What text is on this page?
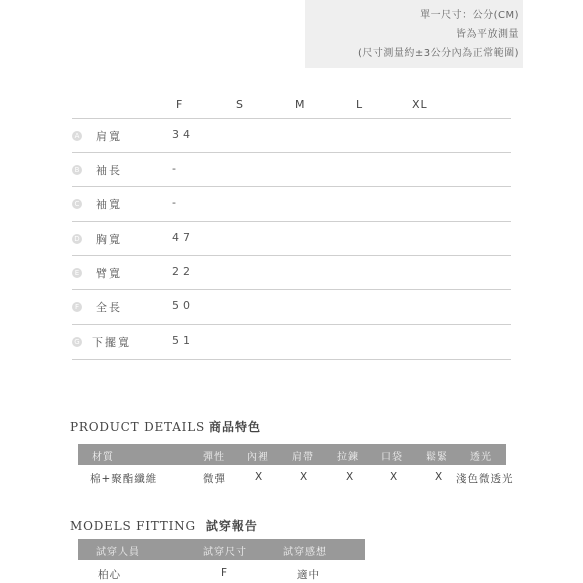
單一尺寸：公分(CM)
皆為平放測量
(尺寸測量約±3公分內為正常範圍)
F	S	M	L	XL
A 肩寬	34
B 袖長	-
C 袖寬	-
D 胸寬	47
E 臂寬	22
F 全長	50
G 下擺寬	51
PRODUCT DETAILS 商品特色
材質	彈性 內裡 肩帶 拉鍊 口袋 鬆緊 透光
棉+聚酯纖維	微彈	X	X	X	X	X 淺色微透光
MODELS FITTING 試穿報告
試穿人員	試穿尺寸	試穿感想
柏心	F	適中
